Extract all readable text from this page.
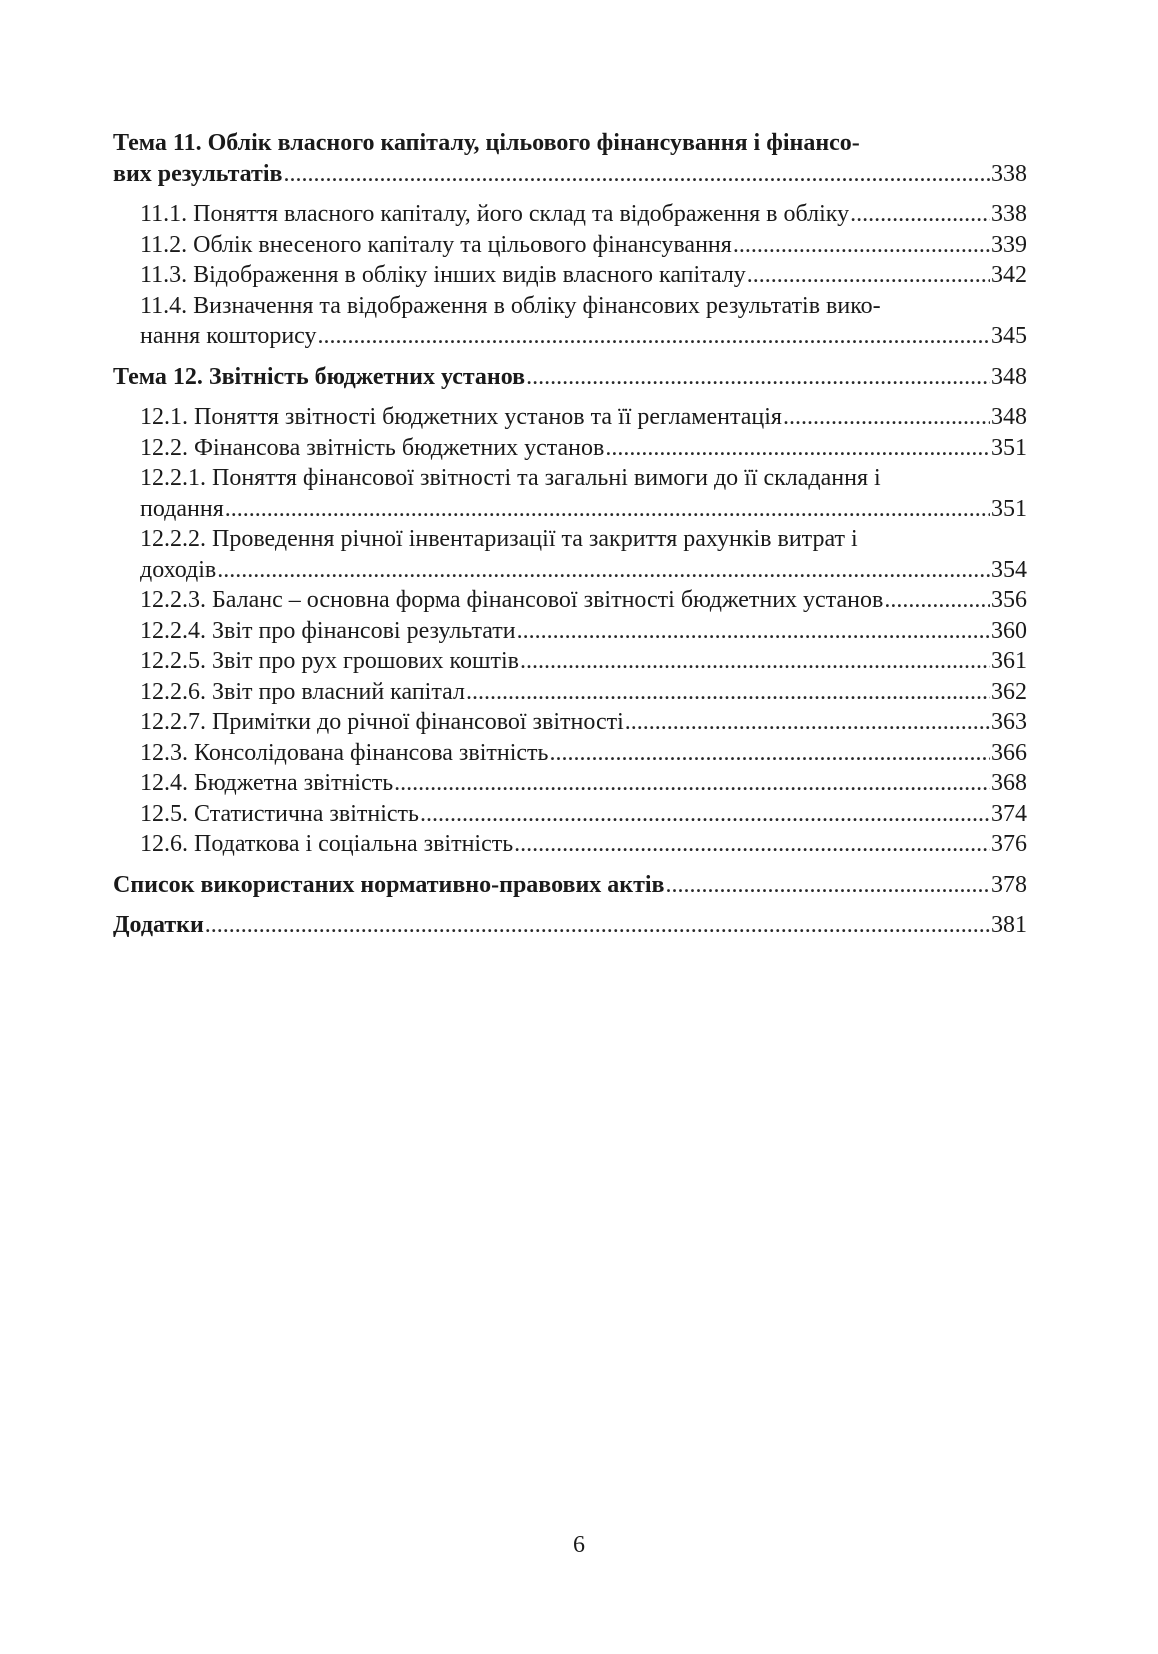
Тема 11. Облік власного капіталу, цільового фінансування і фінансо-
вих результатів .....	338
11.1. Поняття власного капіталу, його склад та відображення в обліку .....	338
11.2. Облік внесеного капіталу та цільового фінансування .....	339
11.3. Відображення в обліку інших видів власного капіталу .....	342
11.4. Визначення та відображення в обліку фінансових результатів вико-
нання кошторису .....	345
Тема 12. Звітність бюджетних установ .....	348
12.1. Поняття звітності бюджетних установ та її регламентація .....	348
12.2. Фінансова звітність бюджетних установ .....	351
12.2.1. Поняття фінансової звітності та загальні вимоги до її складання і
подання .....	351
12.2.2. Проведення річної інвентаризації та закриття рахунків витрат і
доходів .....	354
12.2.3. Баланс – основна форма фінансової звітності бюджетних установ .....	356
12.2.4. Звіт про фінансові результати .....	360
12.2.5. Звіт про рух грошових коштів .....	361
12.2.6. Звіт про власний капітал .....	362
12.2.7. Примітки до річної фінансової звітності .....	363
12.3. Консолідована фінансова звітність .....	366
12.4. Бюджетна звітність .....	368
12.5. Статистична звітність .....	374
12.6. Податкова і соціальна звітність .....	376
Список використаних нормативно-правових актів .....	378
Додатки .....	381
6
